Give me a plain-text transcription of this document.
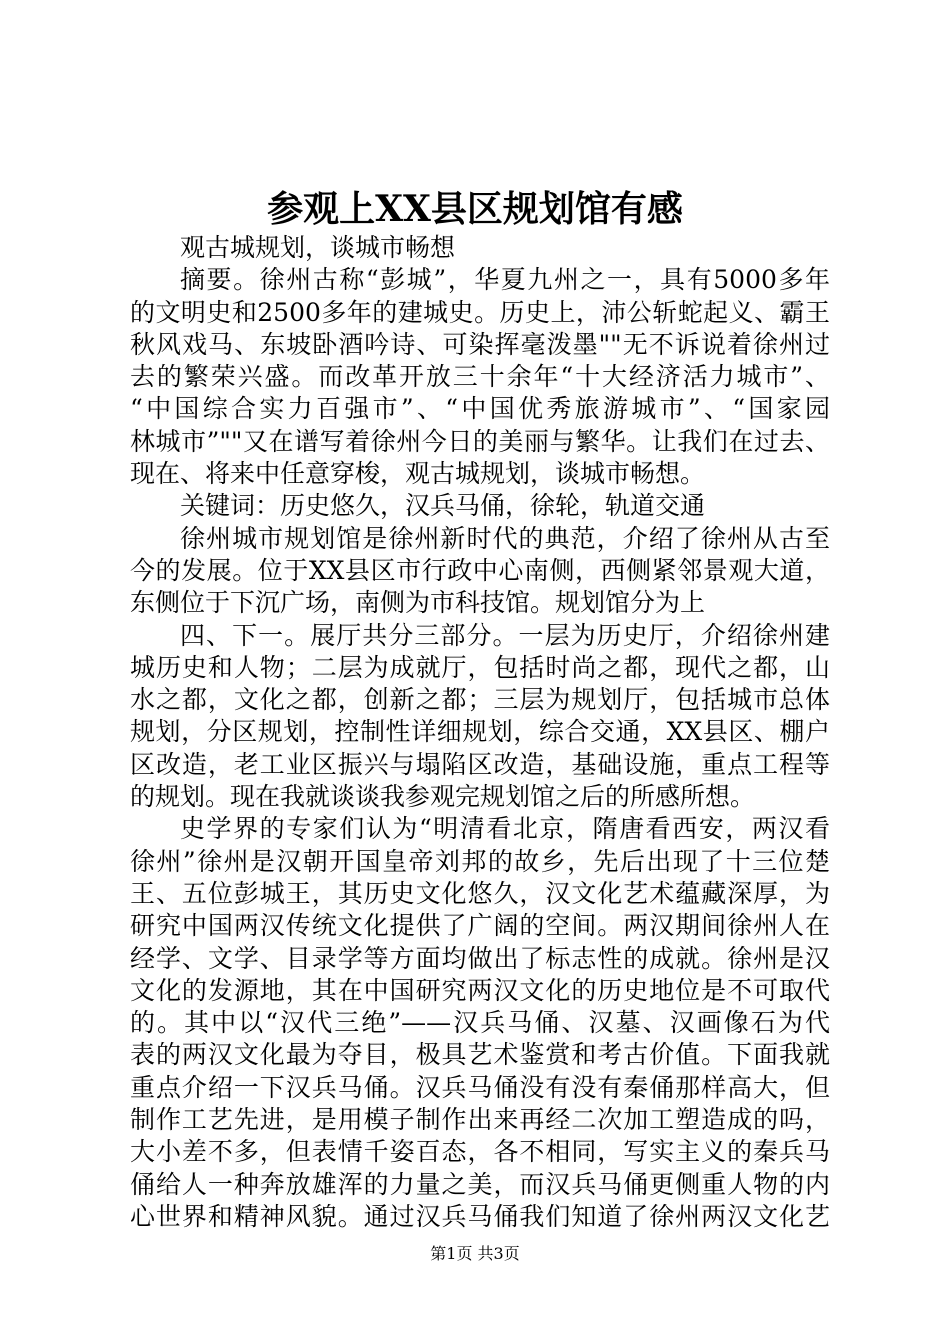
参观上XX县区规划馆有感
观古城规划，谈城市畅想
摘要。徐州古称“彭城”，华夏九州之一，具有5000多年
的文明史和2500多年的建城史。历史上，沛公斩蛇起义、霸王
秋风戏马、东坡卧酒吟诗、可染挥毫泼墨""无不诉说着徐州过
去的繁荣兴盛。而改革开放三十余年“十大经济活力城市”、
“中国综合实力百强市”、“中国优秀旅游城市”、“国家园
林城市”""又在谱写着徐州今日的美丽与繁华。让我们在过去、
现在、将来中任意穿梭，观古城规划，谈城市畅想。
关键词：历史悠久，汉兵马俑，徐轮，轨道交通
徐州城市规划馆是徐州新时代的典范，介绍了徐州从古至
今的发展。位于XX县区市行政中心南侧，西侧紧邻景观大道，
东侧位于下沉广场，南侧为市科技馆。规划馆分为上
四、下一。展厅共分三部分。一层为历史厅，介绍徐州建
城历史和人物；二层为成就厅，包括时尚之都，现代之都，山
水之都，文化之都，创新之都；三层为规划厅，包括城市总体
规划，分区规划，控制性详细规划，综合交通，XX县区、棚户
区改造，老工业区振兴与塌陷区改造，基础设施，重点工程等
的规划。现在我就谈谈我参观完规划馆之后的所感所想。
史学界的专家们认为“明清看北京，隋唐看西安，两汉看
徐州”徐州是汉朝开国皇帝刘邦的故乡，先后出现了十三位楚
王、五位彭城王，其历史文化悠久，汉文化艺术蕴藏深厚，为
研究中国两汉传统文化提供了广阔的空间。两汉期间徐州人在
经学、文学、目录学等方面均做出了标志性的成就。徐州是汉
文化的发源地，其在中国研究两汉文化的历史地位是不可取代
的。其中以“汉代三绝”——汉兵马俑、汉墓、汉画像石为代
表的两汉文化最为夺目，极具艺术鉴赏和考古价值。下面我就
重点介绍一下汉兵马俑。汉兵马俑没有没有秦俑那样高大，但
制作工艺先进，是用模子制作出来再经二次加工塑造成的吗，
大小差不多，但表情千姿百态，各不相同，写实主义的秦兵马
俑给人一种奔放雄浑的力量之美，而汉兵马俑更侧重人物的内
心世界和精神风貌。通过汉兵马俑我们知道了徐州两汉文化艺
第1页 共3页
